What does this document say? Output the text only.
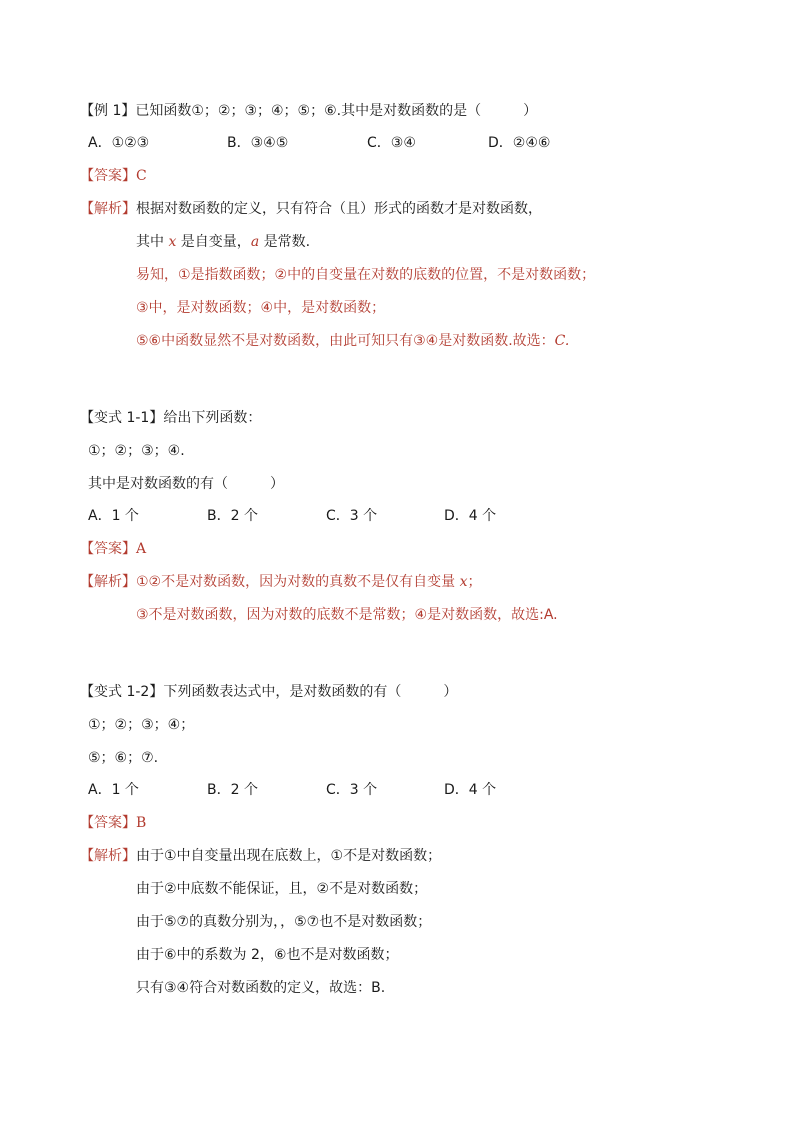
【例 1】已知函数①；②；③；④；⑤；⑥.其中是对数函数的是（　　　）
A．①②③	B．③④⑤	C．③④	D．②④⑥
【答案】C
【解析】根据对数函数的定义，只有符合（且）形式的函数才是对数函数，
其中 x 是自变量，a 是常数.
易知，①是指数函数；②中的自变量在对数的底数的位置，不是对数函数；
③中，是对数函数；④中，是对数函数；
⑤⑥中函数显然不是对数函数，由此可知只有③④是对数函数.故选：C.
【变式 1-1】给出下列函数：
①；②；③；④.
其中是对数函数的有（　　　）
A．1 个	B．2 个	C．3 个	D．4 个
【答案】A
【解析】①②不是对数函数，因为对数的真数不是仅有自变量 x；
③不是对数函数，因为对数的底数不是常数；④是对数函数，故选:A.
【变式 1-2】下列函数表达式中，是对数函数的有（　　　）
①；②；③；④；
⑤；⑥；⑦.
A．1 个	B．2 个	C．3 个	D．4 个
【答案】B
【解析】由于①中自变量出现在底数上，①不是对数函数；
由于②中底数不能保证，且，②不是对数函数；
由于⑤⑦的真数分别为，，⑤⑦也不是对数函数；
由于⑥中的系数为 2，⑥也不是对数函数；
只有③④符合对数函数的定义，故选：B.
